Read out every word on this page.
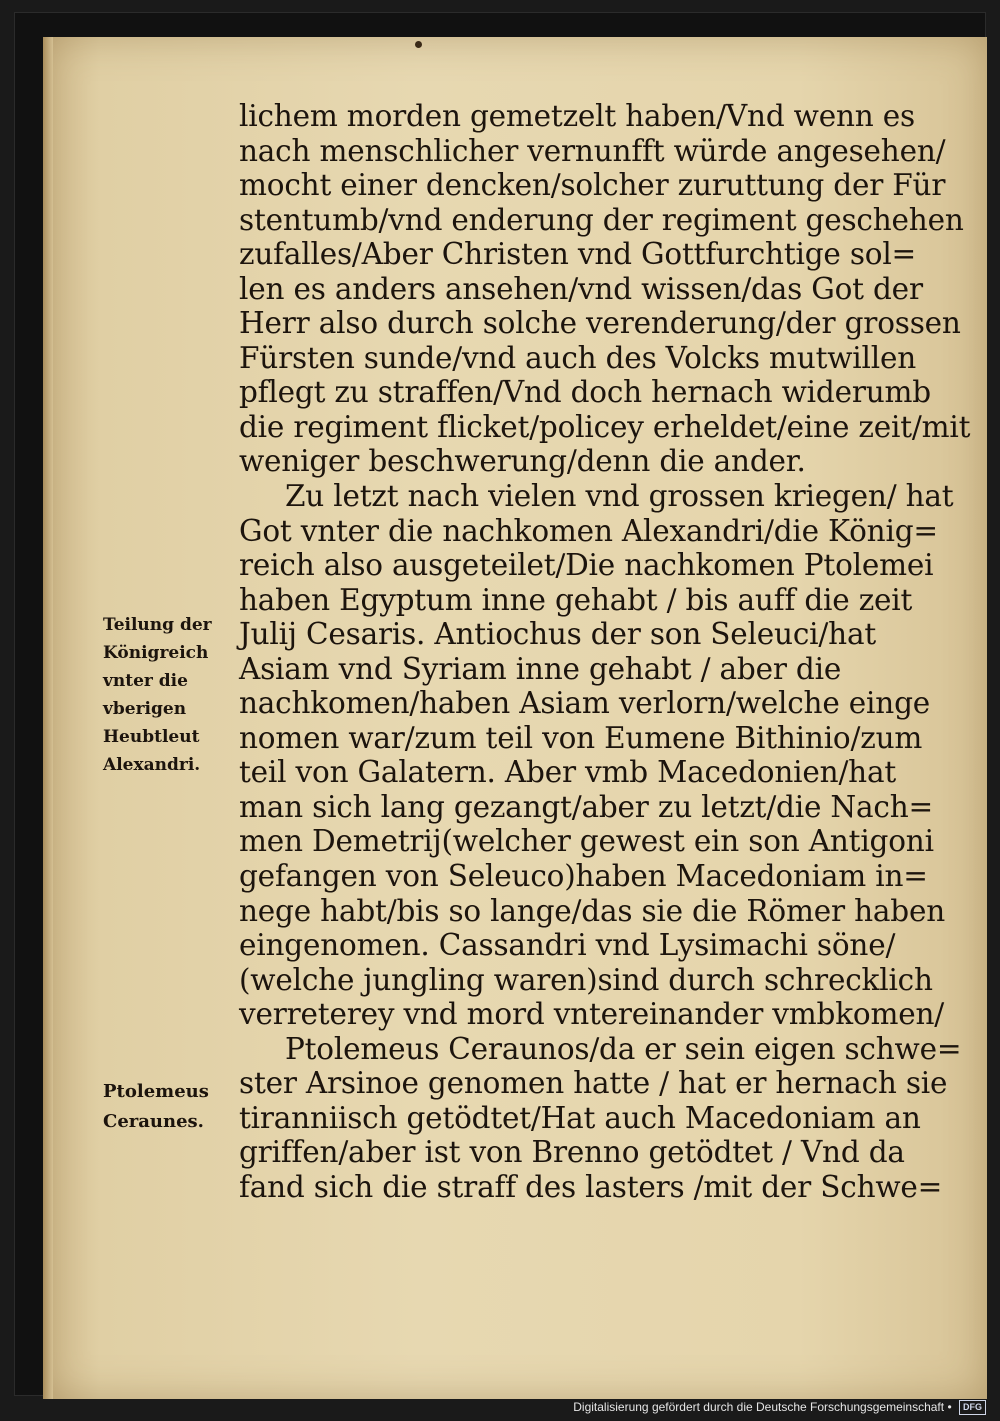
Teilung der
Königreich
vnter die
vberigen
Heubtleut
Alexandri.
Ptolemeus
Ceraunes.
lichem morden gemetzelt haben/Vnd wenn es
nach menschlicher vernunfft würde angesehen/
mocht einer dencken/solcher zuruttung der Für
stentumb/vnd enderung der regiment geschehen
zufalles/Aber Christen vnd Gottfurchtige sol=
len es anders ansehen/vnd wissen/das Got der
Herr also durch solche verenderung/der grossen
Fürsten sunde/vnd auch des Volcks mutwillen
pflegt zu straffen/Vnd doch hernach widerumb
die regiment flicket/policey erheldet/eine zeit/mit
weniger beschwerung/denn die ander.
Zu letzt nach vielen vnd grossen kriegen/ hat
Got vnter die nachkomen Alexandri/die König=
reich also ausgeteilet/Die nachkomen Ptolemei
haben Egyptum inne gehabt / bis auff die zeit
Julij Cesaris. Antiochus der son Seleuci/hat
Asiam vnd Syriam inne gehabt / aber die
nachkomen/haben Asiam verlorn/welche einge
nomen war/zum teil von Eumene Bithinio/zum
teil von Galatern. Aber vmb Macedonien/hat
man sich lang gezangt/aber zu letzt/die Nach=
men Demetrij(welcher gewest ein son Antigoni
gefangen von Seleuco)haben Macedoniam in=
nege habt/bis so lange/das sie die Römer haben
eingenomen. Cassandri vnd Lysimachi söne/
(welche jungling waren)sind durch schrecklich
verreterey vnd mord vntereinander vmbkomen/
Ptolemeus Ceraunos/da er sein eigen schwe=
ster Arsinoe genomen hatte / hat er hernach sie
tiranniisch getödtet/Hat auch Macedoniam an
griffen/aber ist von Brenno getödtet / Vnd da
fand sich die straff des lasters /mit der Schwe=
Digitalisierung gefördert durch die Deutsche Forschungsgemeinschaft • DFG
